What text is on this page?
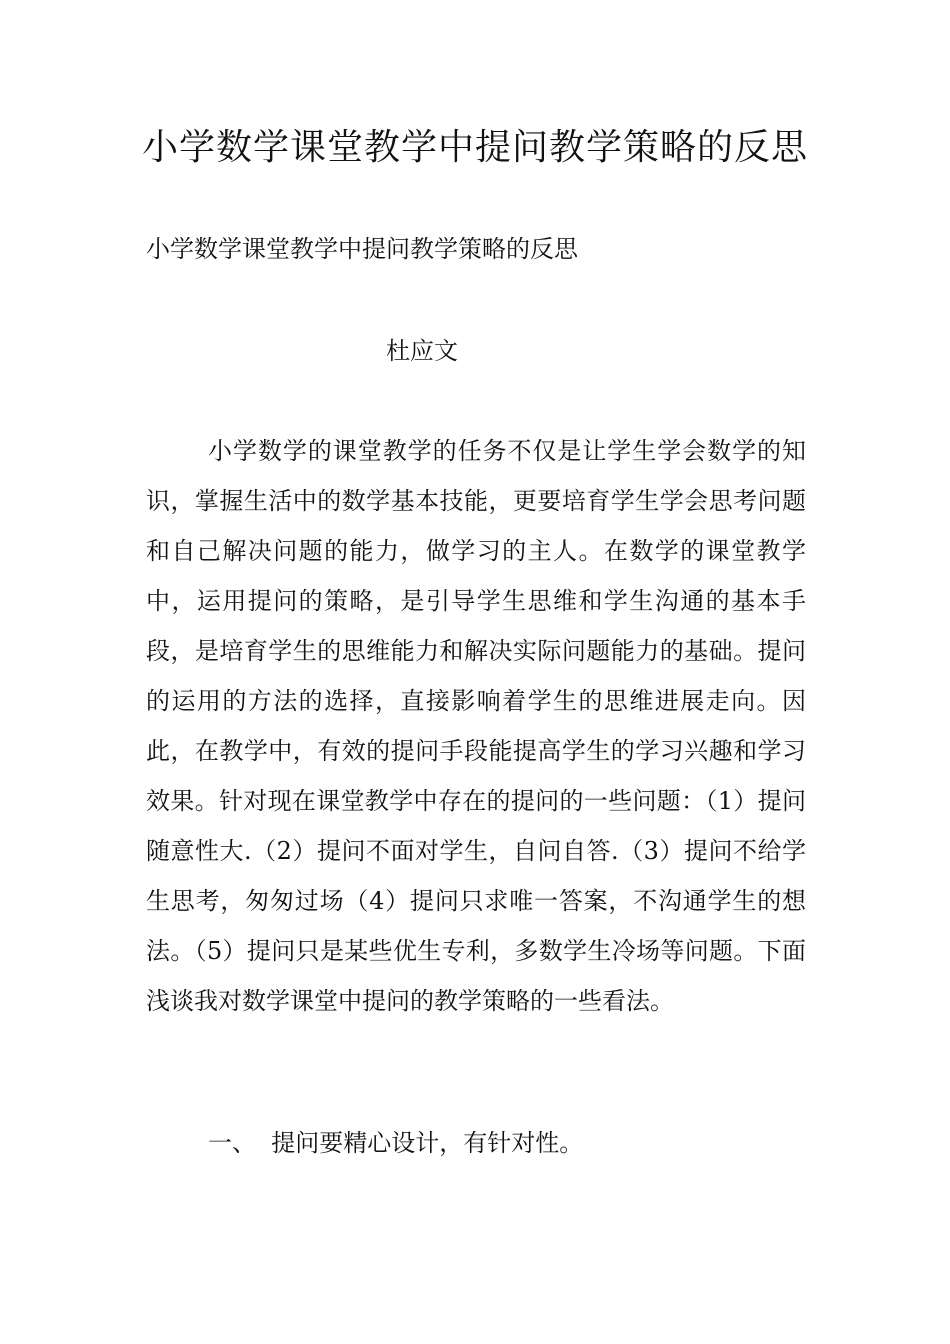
小学数学课堂教学中提问教学策略的反思

小学数学课堂教学中提问教学策略的反思

杜应文

小学数学的课堂教学的任务不仅是让学生学会数学的知识，掌握生活中的数学基本技能，更要培育学生学会思考问题和自己解决问题的能力，做学习的主人。在数学的课堂教学中，运用提问的策略，是引导学生思维和学生沟通的基本手段，是培育学生的思维能力和解决实际问题能力的基础。提问的运用的方法的选择，直接影响着学生的思维进展走向。因此，在教学中，有效的提问手段能提高学生的学习兴趣和学习效果。针对现在课堂教学中存在的提问的一些问题：（1）提问随意性大.（2）提问不面对学生，自问自答.（3）提问不给学生思考，匆匆过场（4）提问只求唯一答案，不沟通学生的想法。（5）提问只是某些优生专利，多数学生冷场等问题。下面浅谈我对数学课堂中提问的教学策略的一些看法。

一、  提问要精心设计，有针对性。
